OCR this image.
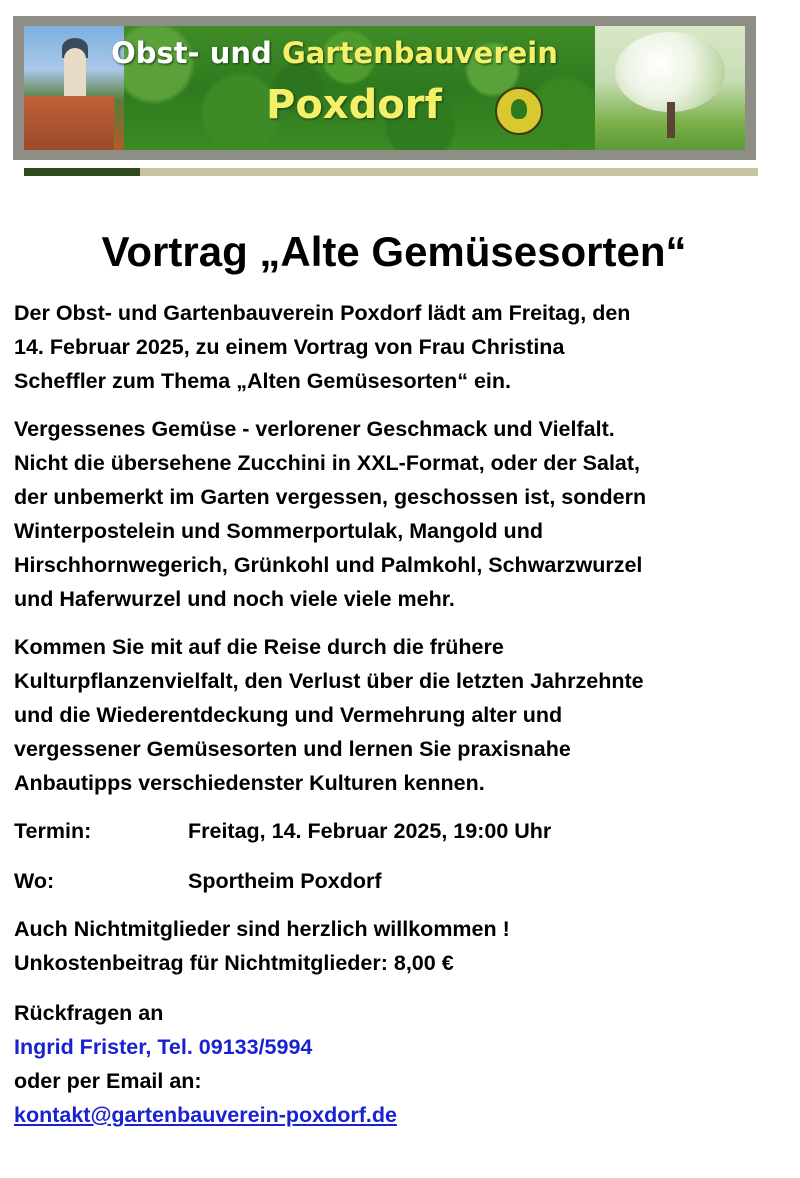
Obst- und Gartenbauverein
Poxdorf
Vortrag „Alte Gemüsesorten“

Der Obst- und Gartenbauverein Poxdorf lädt am Freitag, den
14. Februar 2025, zu einem Vortrag von Frau Christina
Scheffler zum Thema „Alten Gemüsesorten“ ein.

Vergessenes Gemüse - verlorener Geschmack und Vielfalt.
Nicht die übersehene Zucchini in XXL-Format, oder der Salat,
der unbemerkt im Garten vergessen, geschossen ist, sondern
Winterpostelein und Sommerportulak, Mangold und
Hirschhornwegerich, Grünkohl und Palmkohl, Schwarzwurzel
und Haferwurzel und noch viele viele mehr.

Kommen Sie mit auf die Reise durch die frühere
Kulturpflanzenvielfalt, den Verlust über die letzten Jahrzehnte
und die Wiederentdeckung und Vermehrung alter und
vergessener Gemüsesorten und lernen Sie praxisnahe
Anbautipps verschiedenster Kulturen kennen.

Termin:	Freitag, 14. Februar 2025, 19:00 Uhr
Wo:	Sportheim Poxdorf

Auch Nichtmitglieder sind herzlich willkommen !
Unkostenbeitrag für Nichtmitglieder: 8,00 €

Rückfragen an
Ingrid Frister, Tel. 09133/5994
oder per Email an:
kontakt@gartenbauverein-poxdorf.de
